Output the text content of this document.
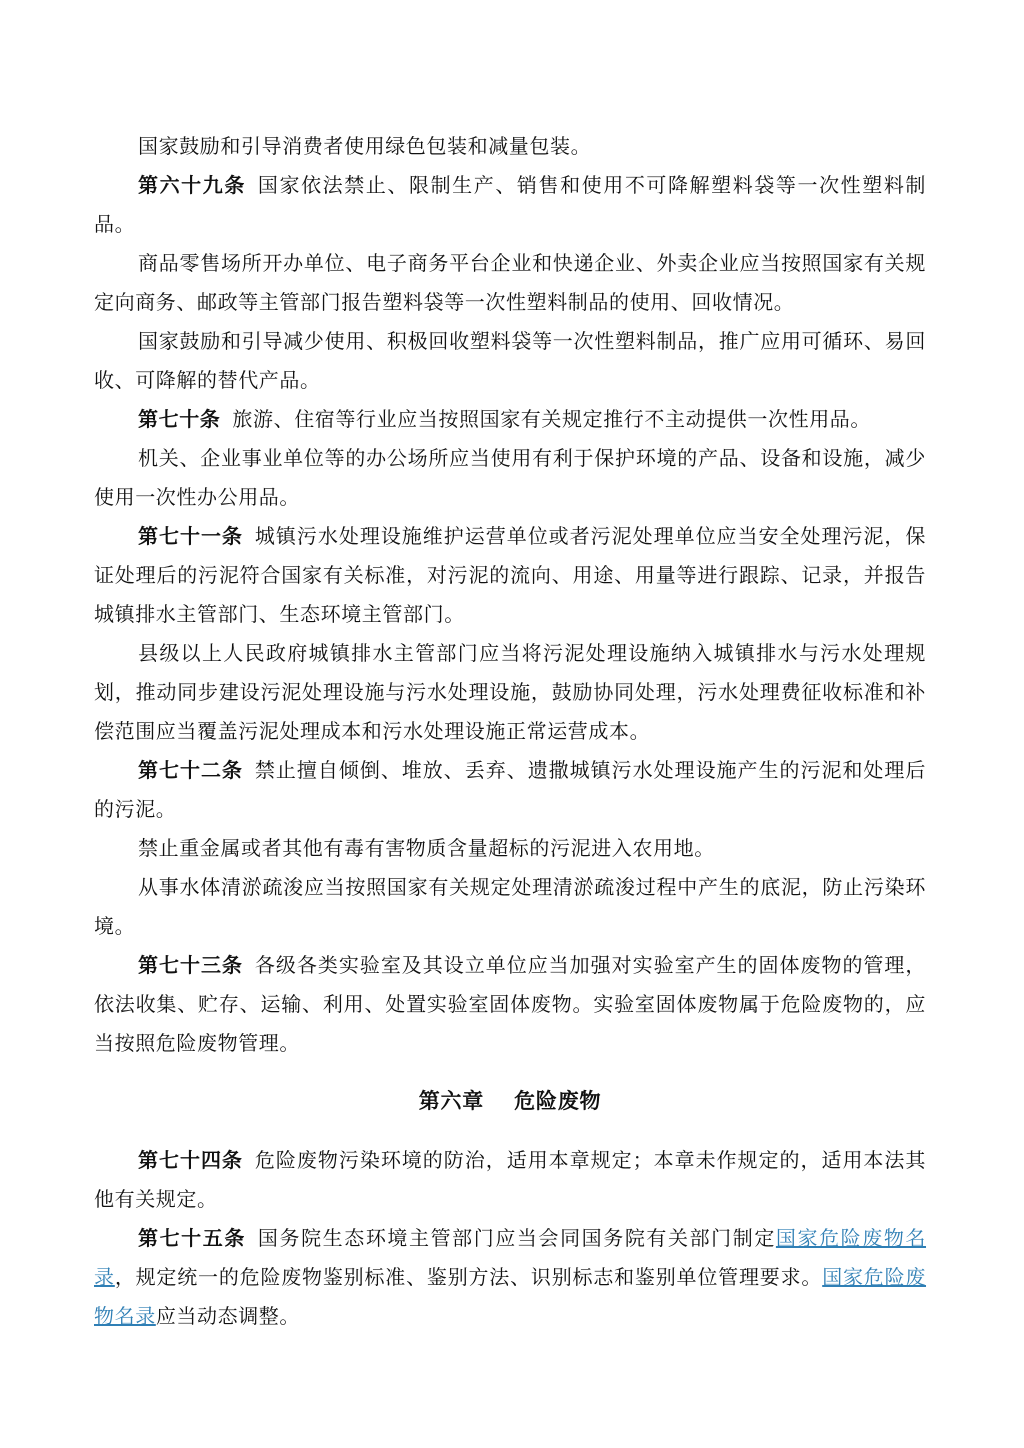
国家鼓励和引导消费者使用绿色包装和减量包装。

第六十九条 国家依法禁止、限制生产、销售和使用不可降解塑料袋等一次性塑料制品。

商品零售场所开办单位、电子商务平台企业和快递企业、外卖企业应当按照国家有关规定向商务、邮政等主管部门报告塑料袋等一次性塑料制品的使用、回收情况。

国家鼓励和引导减少使用、积极回收塑料袋等一次性塑料制品，推广应用可循环、易回收、可降解的替代产品。

第七十条 旅游、住宿等行业应当按照国家有关规定推行不主动提供一次性用品。

机关、企业事业单位等的办公场所应当使用有利于保护环境的产品、设备和设施，减少使用一次性办公用品。

第七十一条 城镇污水处理设施维护运营单位或者污泥处理单位应当安全处理污泥，保证处理后的污泥符合国家有关标准，对污泥的流向、用途、用量等进行跟踪、记录，并报告城镇排水主管部门、生态环境主管部门。

县级以上人民政府城镇排水主管部门应当将污泥处理设施纳入城镇排水与污水处理规划，推动同步建设污泥处理设施与污水处理设施，鼓励协同处理，污水处理费征收标准和补偿范围应当覆盖污泥处理成本和污水处理设施正常运营成本。

第七十二条 禁止擅自倾倒、堆放、丢弃、遗撒城镇污水处理设施产生的污泥和处理后的污泥。

禁止重金属或者其他有毒有害物质含量超标的污泥进入农用地。

从事水体清淤疏浚应当按照国家有关规定处理清淤疏浚过程中产生的底泥，防止污染环境。

第七十三条 各级各类实验室及其设立单位应当加强对实验室产生的固体废物的管理，依法收集、贮存、运输、利用、处置实验室固体废物。实验室固体废物属于危险废物的，应当按照危险废物管理。

第六章 危险废物

第七十四条 危险废物污染环境的防治，适用本章规定；本章未作规定的，适用本法其他有关规定。

第七十五条 国务院生态环境主管部门应当会同国务院有关部门制定国家危险废物名录，规定统一的危险废物鉴别标准、鉴别方法、识别标志和鉴别单位管理要求。国家危险废物名录应当动态调整。
